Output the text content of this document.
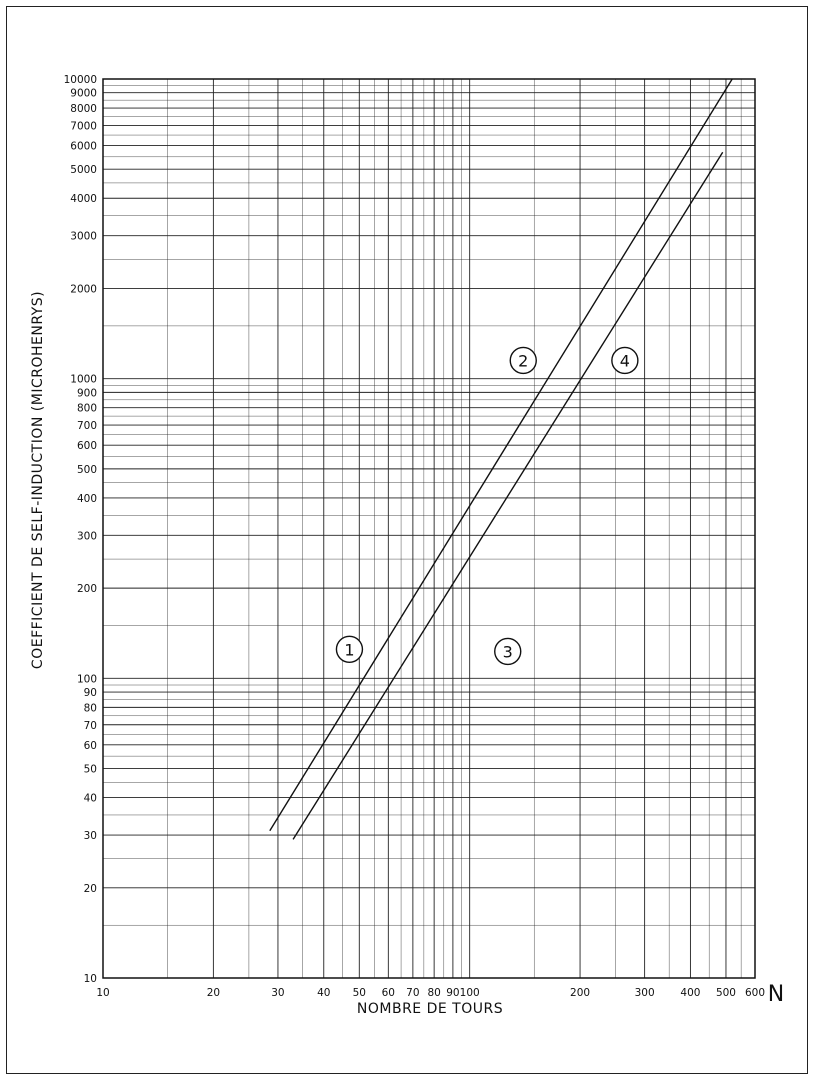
10
20
30
40
50
60
70
80
90
100
200
300
400
500
600
700
800
900
1000
2000
3000
4000
5000
6000
7000
8000
9000
10000
10	20	30	40 50 60 70 80 90 100	200	300 400 500 600
1
2
3
4
COEFFICIENT DE SELF-INDUCTION (MICROHENRYS)
NOMBRE DE TOURS
N
